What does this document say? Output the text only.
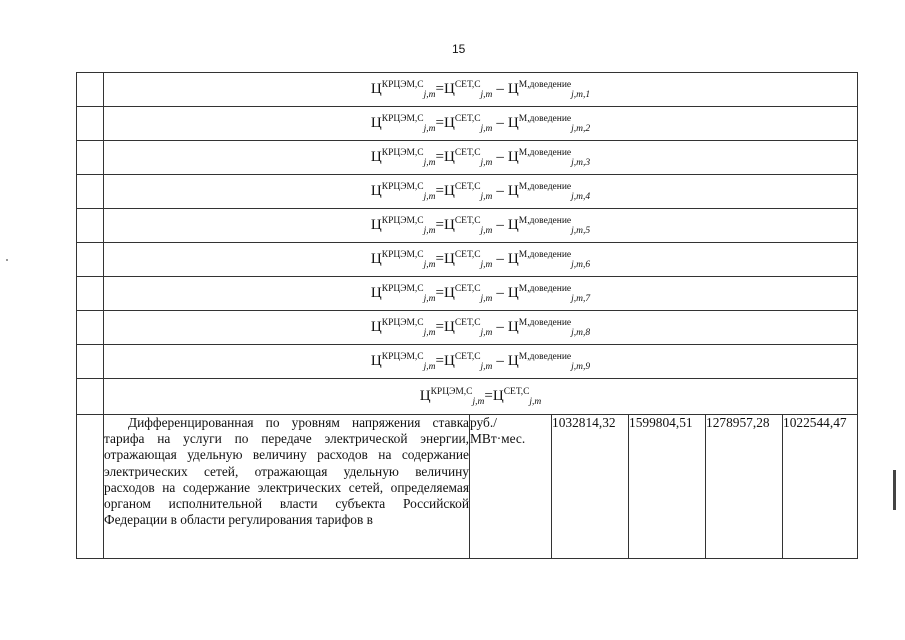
15
	$Ц^{КРЦЭМ,С}_{j,m}=Ц^{СЕТ,С}_{j,m} - Ц^{М,доведение}_{j,m,1}$
	$Ц^{КРЦЭМ,С}_{j,m}=Ц^{СЕТ,С}_{j,m} - Ц^{М,доведение}_{j,m,2}$
	$Ц^{КРЦЭМ,С}_{j,m}=Ц^{СЕТ,С}_{j,m} - Ц^{М,доведение}_{j,m,3}$
	$Ц^{КРЦЭМ,С}_{j,m}=Ц^{СЕТ,С}_{j,m} - Ц^{М,доведение}_{j,m,4}$
	$Ц^{КРЦЭМ,С}_{j,m}=Ц^{СЕТ,С}_{j,m} - Ц^{М,доведение}_{j,m,5}$
	$Ц^{КРЦЭМ,С}_{j,m}=Ц^{СЕТ,С}_{j,m} - Ц^{М,доведение}_{j,m,6}$
	$Ц^{КРЦЭМ,С}_{j,m}=Ц^{СЕТ,С}_{j,m} - Ц^{М,доведение}_{j,m,7}$
	$Ц^{КРЦЭМ,С}_{j,m}=Ц^{СЕТ,С}_{j,m} - Ц^{М,доведение}_{j,m,8}$
	$Ц^{КРЦЭМ,С}_{j,m}=Ц^{СЕТ,С}_{j,m} - Ц^{М,доведение}_{j,m,9}$
	$Ц^{КРЦЭМ,С}_{j,m}=Ц^{СЕТ,С}_{j,m}$

	Дифференцированная по уровням напряжения ставка тарифа на услуги по передаче электрической энергии, отражающая удельную величину расходов на содержание электрических сетей, отражающая удельную величину расходов на содержание электрических сетей, определяемая органом исполнительной власти субъекта Российской Федерации в области регулирования тарифов в	руб./
МВт·мес.	1032814,32	1599804,51	1278957,28	1022544,47
